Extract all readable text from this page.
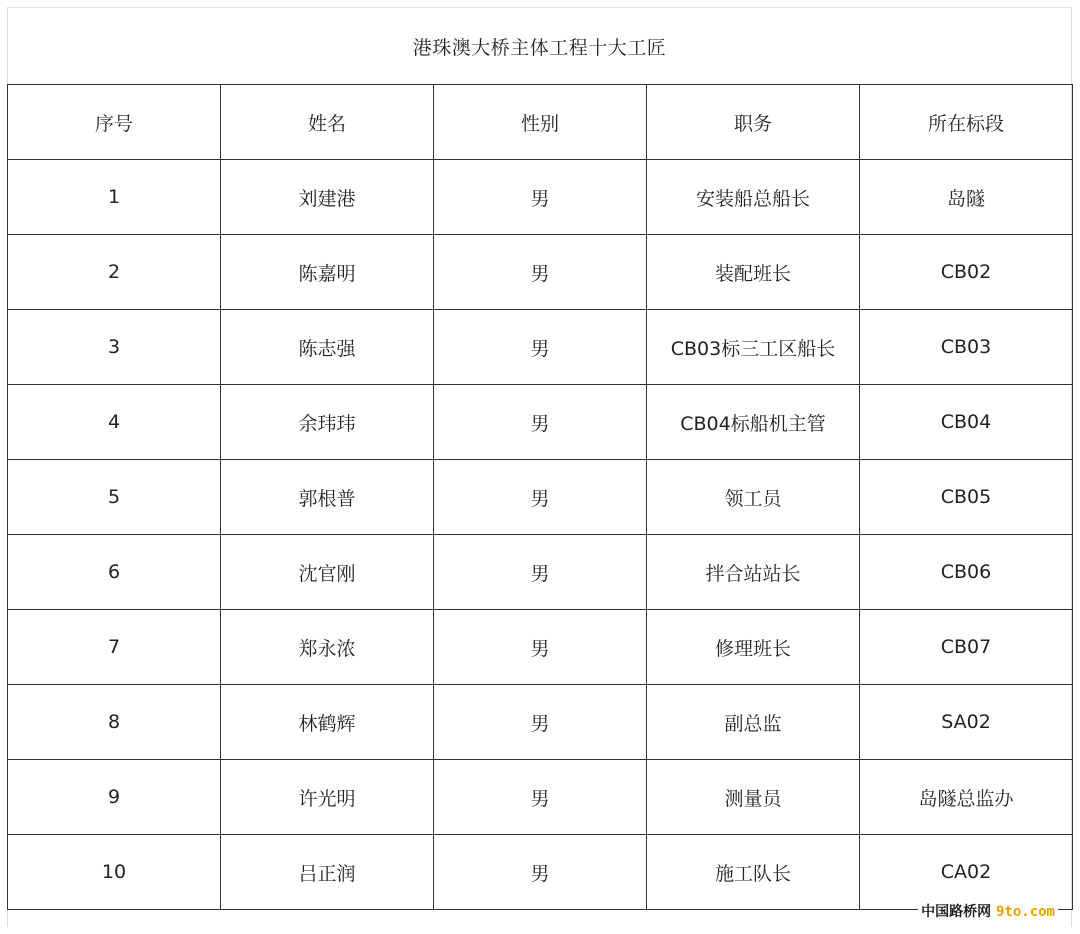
港珠澳大桥主体工程十大工匠
序号	姓名	性别	职务	所在标段
1	刘建港	男	安装船总船长	岛隧
2	陈嘉明	男	装配班长	CB02
3	陈志强	男	CB03标三工区船长	CB03
4	余玮玮	男	CB04标船机主管	CB04
5	郭根普	男	领工员	CB05
6	沈官刚	男	拌合站站长	CB06
7	郑永浓	男	修理班长	CB07
8	林鹤辉	男	副总监	SA02
9	许光明	男	测量员	岛隧总监办
10	吕正润	男	施工队长	CA02
中国路桥网 9to.com
